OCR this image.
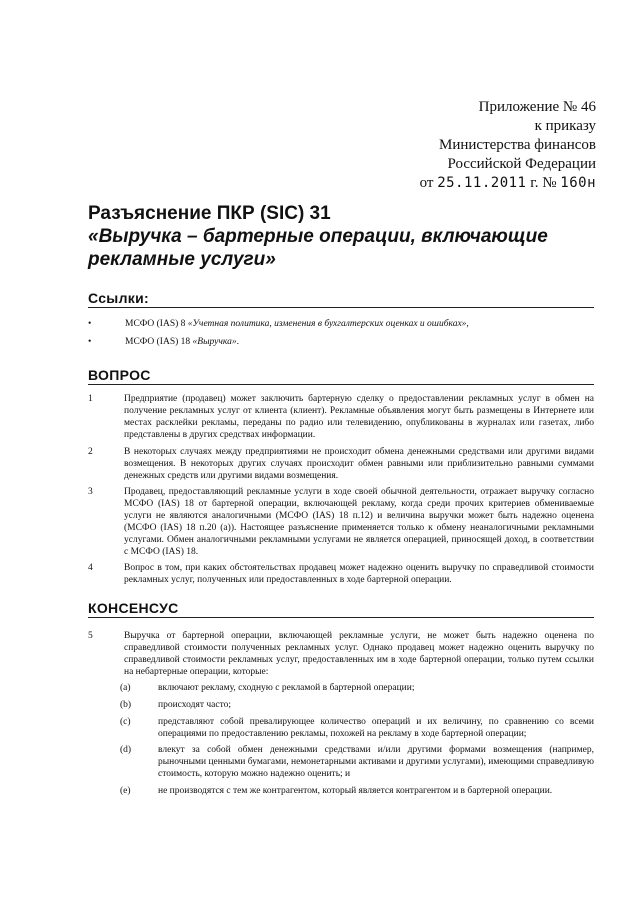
Приложение № 46
к приказу
Министерства финансов
Российской Федерации
от 25.11.2011 г. № 160н
Разъяснение ПКР (SIC) 31
«Выручка – бартерные операции, включающие рекламные услуги»
Ссылки:
•	МСФО (IAS) 8 «Учетная политика, изменения в бухгалтерских оценках и ошибках»,
•	МСФО (IAS) 18 «Выручка».
ВОПРОС
1	Предприятие (продавец) может заключить бартерную сделку о предоставлении рекламных услуг в обмен на получение рекламных услуг от клиента (клиент). Рекламные объявления могут быть размещены в Интернете или местах расклейки рекламы, переданы по радио или телевидению, опубликованы в журналах или газетах, либо представлены в других средствах информации.
2	В некоторых случаях между предприятиями не происходит обмена денежными средствами или другими видами возмещения. В некоторых других случаях происходит обмен равными или приблизительно равными суммами денежных средств или другими видами возмещения.
3	Продавец, предоставляющий рекламные услуги в ходе своей обычной деятельности, отражает выручку согласно МСФО (IAS) 18 от бартерной операции, включающей рекламу, когда среди прочих критериев обмениваемые услуги не являются аналогичными (МСФО (IAS) 18 п.12) и величина выручки может быть надежно оценена (МСФО (IAS) 18 п.20 (а)). Настоящее разъяснение применяется только к обмену неаналогичными рекламными услугами. Обмен аналогичными рекламными услугами не является операцией, приносящей доход, в соответствии с МСФО (IAS) 18.
4	Вопрос в том, при каких обстоятельствах продавец может надежно оценить выручку по справедливой стоимости рекламных услуг, полученных или предоставленных в ходе бартерной операции.
КОНСЕНСУС
5	Выручка от бартерной операции, включающей рекламные услуги, не может быть надежно оценена по справедливой стоимости полученных рекламных услуг. Однако продавец может надежно оценить выручку по справедливой стоимости рекламных услуг, предоставленных им в ходе бартерной операции, только путем ссылки на небартерные операции, которые:
(a)	включают рекламу, сходную с рекламой в бартерной операции;
(b)	происходят часто;
(c)	представляют собой превалирующее количество операций и их величину, по сравнению со всеми операциями по предоставлению рекламы, похожей на рекламу в ходе бартерной операции;
(d)	влекут за собой обмен денежными средствами и/или другими формами возмещения (например, рыночными ценными бумагами, немонетарными активами и другими услугами), имеющими справедливую стоимость, которую можно надежно оценить; и
(e)	не производятся с тем же контрагентом, который является контрагентом и в бартерной операции.
